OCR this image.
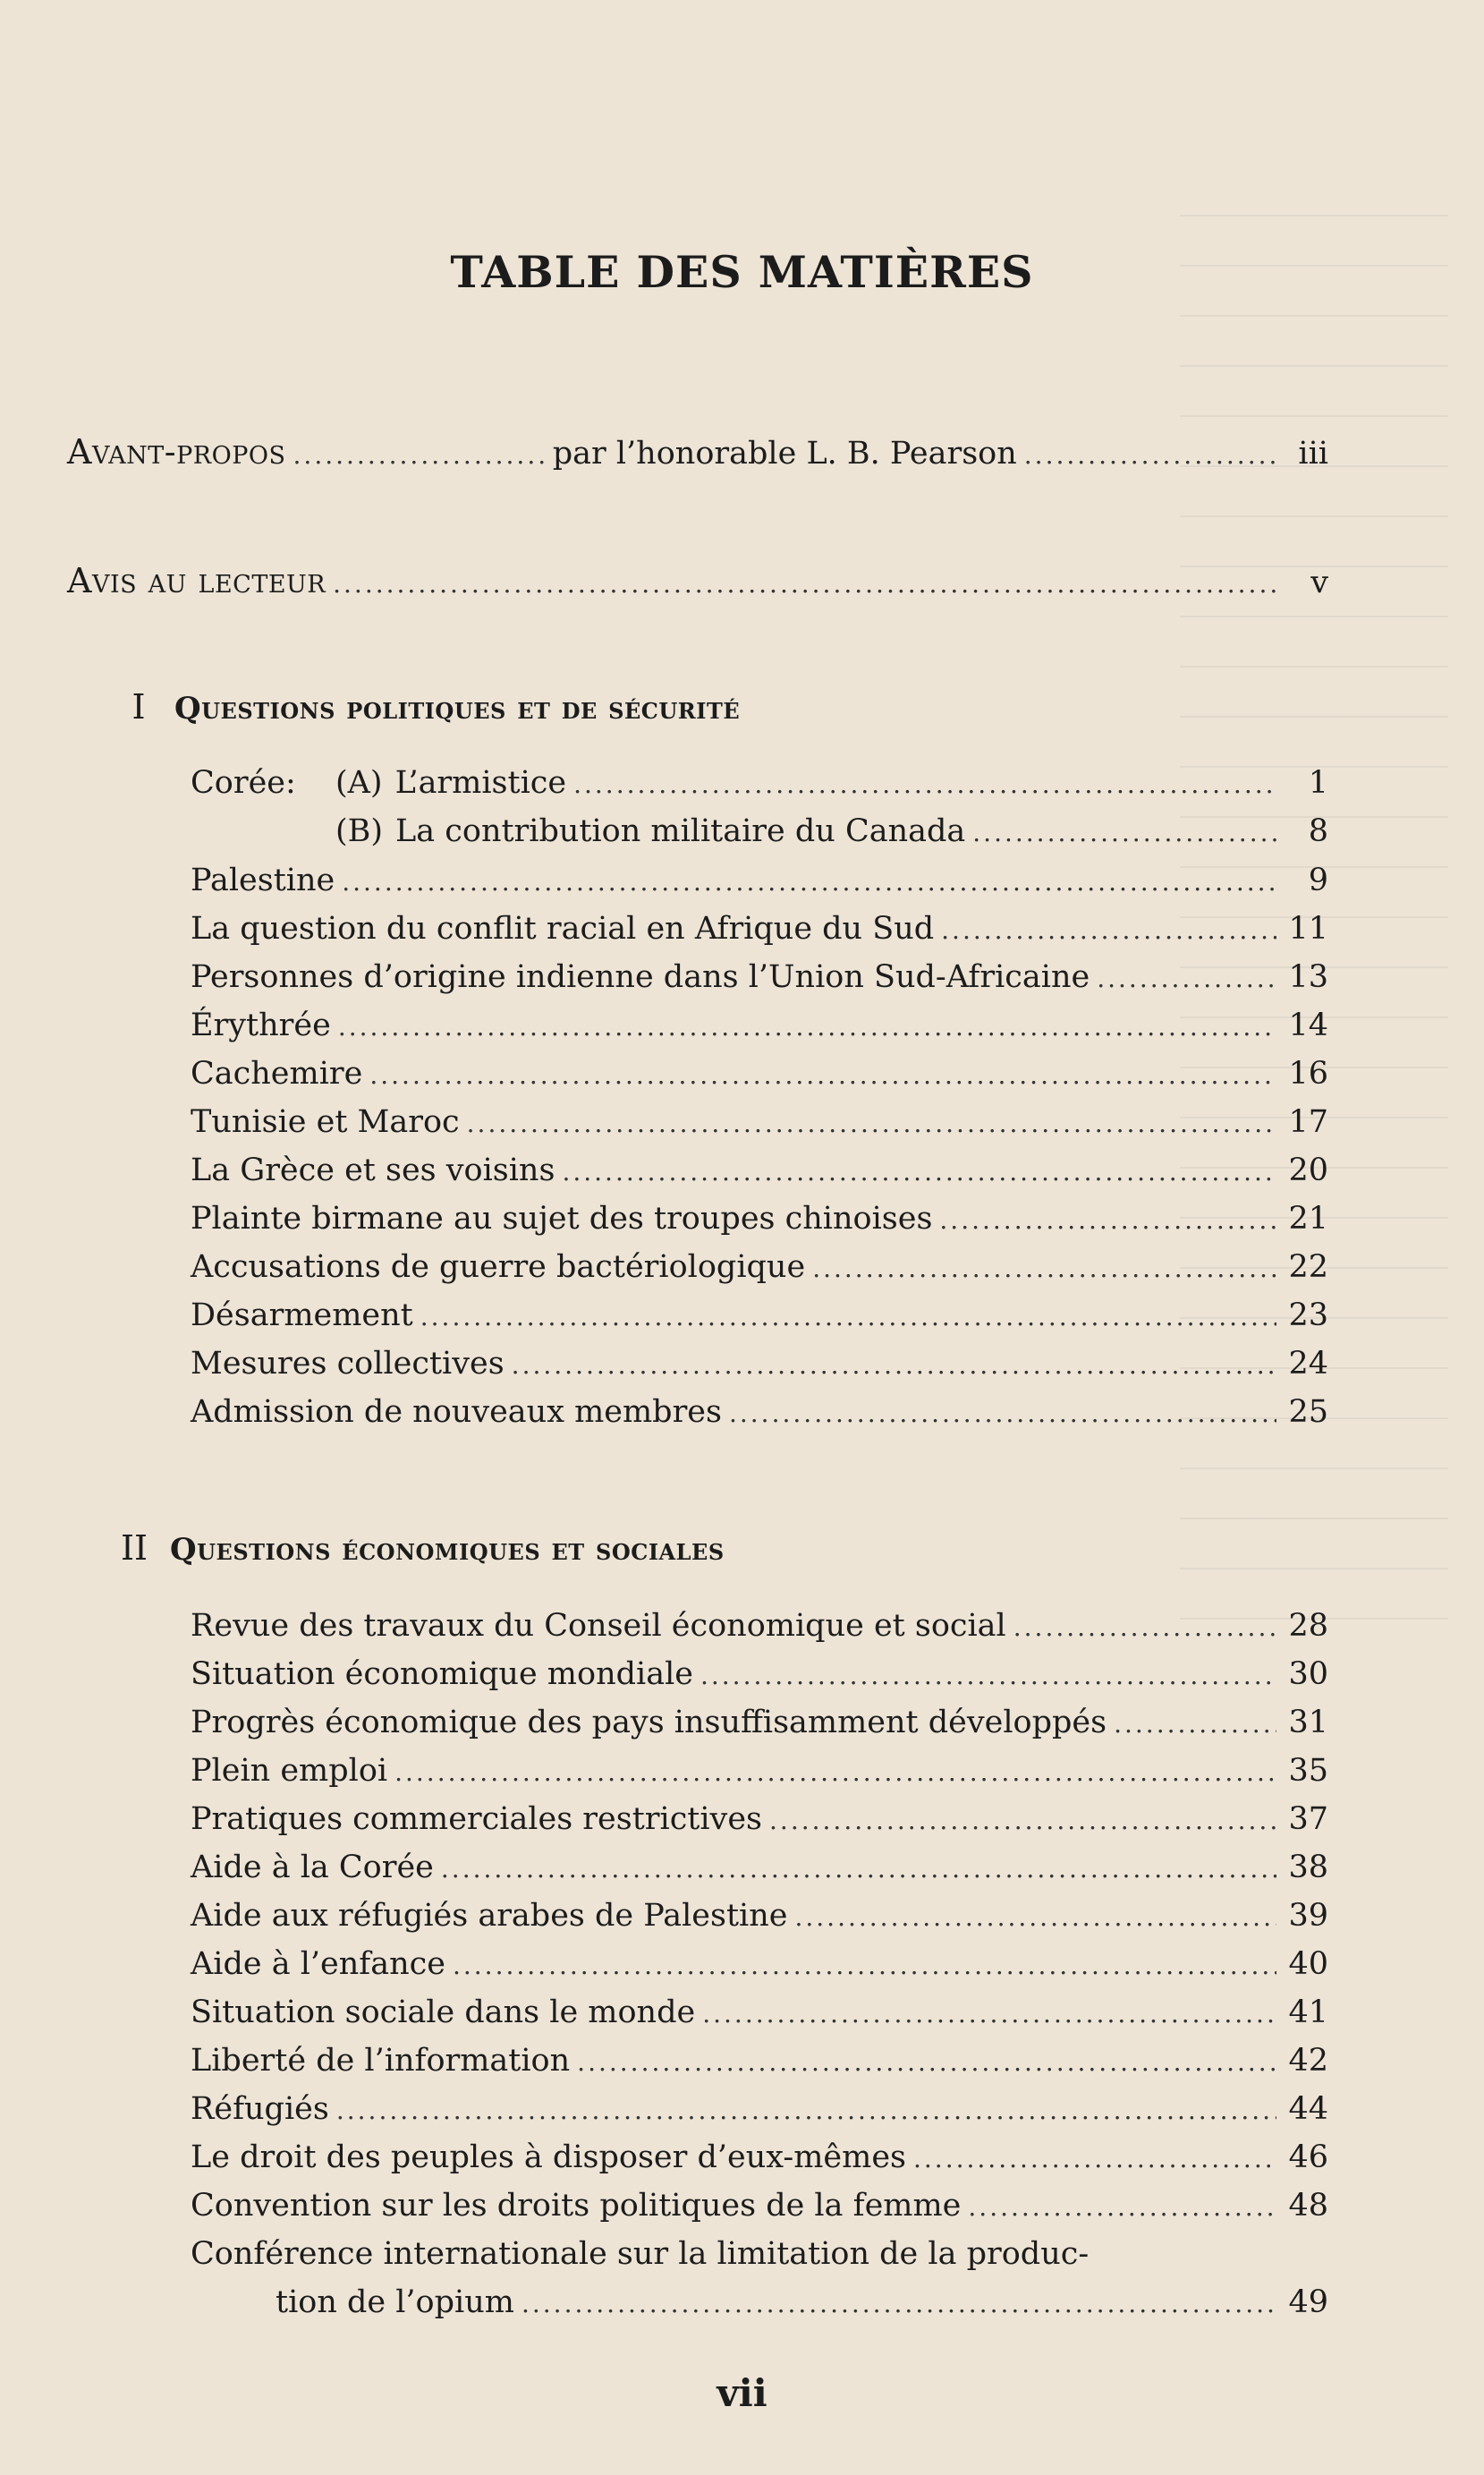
TABLE DES MATIÈRES
Avant-propos .....	par l’honorable L. B. Pearson .....	iii
Avis au lecteur .....	v
I Questions politiques et de sécurité
Corée:	(A) L’armistice .....	1
(B) La contribution militaire du Canada .....	8
Palestine .....	9
La question du conflit racial en Afrique du Sud .....	11
Personnes d’origine indienne dans l’Union Sud-Africaine .....	13
Érythrée .....	14
Cachemire .....	16
Tunisie et Maroc .....	17
La Grèce et ses voisins .....	20
Plainte birmane au sujet des troupes chinoises .....	21
Accusations de guerre bactériologique .....	22
Désarmement .....	23
Mesures collectives .....	24
Admission de nouveaux membres .....	25
II Questions économiques et sociales
Revue des travaux du Conseil économique et social .....	28
Situation économique mondiale .....	30
Progrès économique des pays insuffisamment développés .....	31
Plein emploi .....	35
Pratiques commerciales restrictives .....	37
Aide à la Corée .....	38
Aide aux réfugiés arabes de Palestine .....	39
Aide à l’enfance .....	40
Situation sociale dans le monde .....	41
Liberté de l’information .....	42
Réfugiés .....	44
Le droit des peuples à disposer d’eux-mêmes .....	46
Convention sur les droits politiques de la femme .....	48
Conférence internationale sur la limitation de la produc-
tion de l’opium .....	49
vii
